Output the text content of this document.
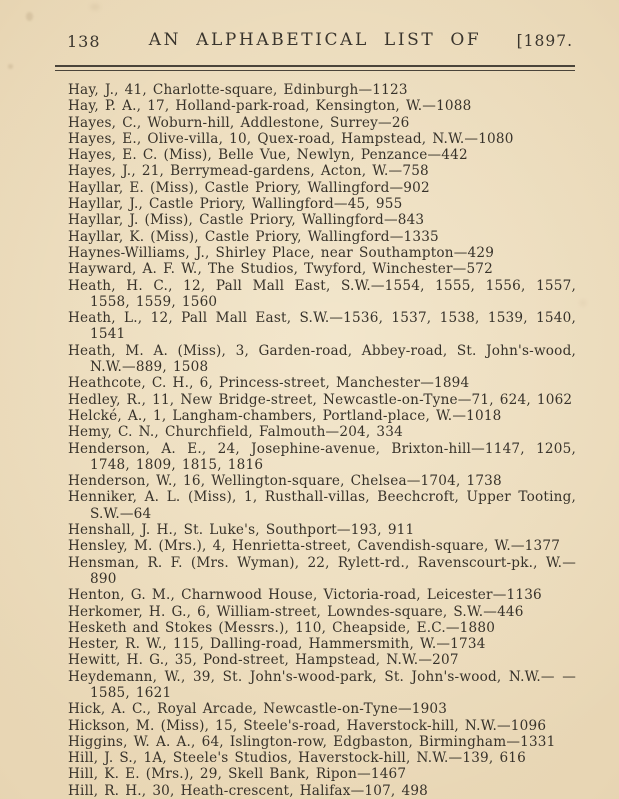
138	AN ALPHABETICAL LIST OF	[1897.

Hay, J., 41, Charlotte-square, Edinburgh—1123

Hay, P. A., 17, Holland-park-road, Kensington, W.—1088

Hayes, C., Woburn-hill, Addlestone, Surrey—26

Hayes, E., Olive-villa, 10, Quex-road, Hampstead, N.W.—1080

Hayes, E. C. (Miss), Belle Vue, Newlyn, Penzance—442

Hayes, J., 21, Berrymead-gardens, Acton, W.—758

Hayllar, E. (Miss), Castle Priory, Wallingford—902

Hayllar, J., Castle Priory, Wallingford—45, 955

Hayllar, J. (Miss), Castle Priory, Wallingford—843

Hayllar, K. (Miss), Castle Priory, Wallingford—1335

Haynes-Williams, J., Shirley Place, near Southampton—429

Hayward, A. F. W., The Studios, Twyford, Winchester—572

Heath, H. C., 12, Pall Mall East, S.W.—1554, 1555, 1556, 1557, 1558, 1559, 1560

Heath, L., 12, Pall Mall East, S.W.—1536, 1537, 1538, 1539, 1540, 1541

Heath, M. A. (Miss), 3, Garden-road, Abbey-road, St. John's-wood, N.W.—889, 1508

Heathcote, C. H., 6, Princess-street, Manchester—1894

Hedley, R., 11, New Bridge-street, Newcastle-on-Tyne—71, 624, 1062

Helcké, A., 1, Langham-chambers, Portland-place, W.—1018

Hemy, C. N., Churchfield, Falmouth—204, 334

Henderson, A. E., 24, Josephine-avenue, Brixton-hill—1147, 1205, 1748, 1809, 1815, 1816

Henderson, W., 16, Wellington-square, Chelsea—1704, 1738

Henniker, A. L. (Miss), 1, Rusthall-villas, Beechcroft, Upper Tooting, S.W.—64

Henshall, J. H., St. Luke's, Southport—193, 911

Hensley, M. (Mrs.), 4, Henrietta-street, Cavendish-square, W.—1377

Hensman, R. F. (Mrs. Wyman), 22, Rylett-rd., Ravenscourt-pk., W.—890

Henton, G. M., Charnwood House, Victoria-road, Leicester—1136

Herkomer, H. G., 6, William-street, Lowndes-square, S.W.—446

Hesketh and Stokes (Messrs.), 110, Cheapside, E.C.—1880

Hester, R. W., 115, Dalling-road, Hammersmith, W.—1734

Hewitt, H. G., 35, Pond-street, Hampstead, N.W.—207

Heydemann, W., 39, St. John's-wood-park, St. John's-wood, N.W.— —1585, 1621

Hick, A. C., Royal Arcade, Newcastle-on-Tyne—1903

Hickson, M. (Miss), 15, Steele's-road, Haverstock-hill, N.W.—1096

Higgins, W. A. A., 64, Islington-row, Edgbaston, Birmingham—1331

Hill, J. S., 1A, Steele's Studios, Haverstock-hill, N.W.—139, 616

Hill, K. E. (Mrs.), 29, Skell Bank, Ripon—1467

Hill, R. H., 30, Heath-crescent, Halifax—107, 498
